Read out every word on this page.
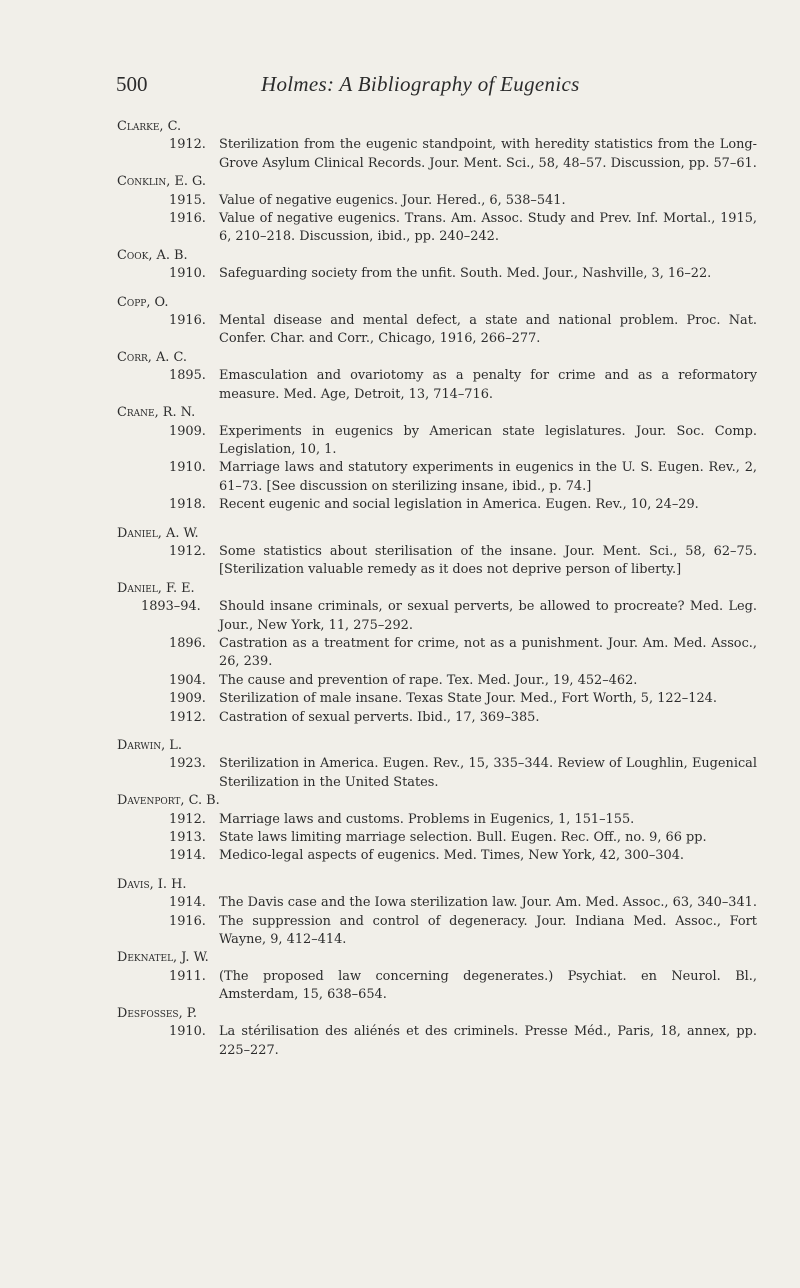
500	Holmes: A Bibliography of Eugenics
Clarke, C.
1912. Sterilization from the eugenic standpoint, with heredity statistics from the Long-Grove Asylum Clinical Records. Jour. Ment. Sci., 58, 48–57. Discussion, pp. 57–61.
Conklin, E. G.
1915. Value of negative eugenics. Jour. Hered., 6, 538–541.
1916. Value of negative eugenics. Trans. Am. Assoc. Study and Prev. Inf. Mortal., 1915, 6, 210–218. Discussion, ibid., pp. 240–242.
Cook, A. B.
1910. Safeguarding society from the unfit. South. Med. Jour., Nashville, 3, 16–22.
Copp, O.
1916. Mental disease and mental defect, a state and national problem. Proc. Nat. Confer. Char. and Corr., Chicago, 1916, 266–277.
Corr, A. C.
1895. Emasculation and ovariotomy as a penalty for crime and as a reformatory measure. Med. Age, Detroit, 13, 714–716.
Crane, R. N.
1909. Experiments in eugenics by American state legislatures. Jour. Soc. Comp. Legislation, 10, 1.
1910. Marriage laws and statutory experiments in eugenics in the U. S. Eugen. Rev., 2, 61–73. [See discussion on sterilizing insane, ibid., p. 74.]
1918. Recent eugenic and social legislation in America. Eugen. Rev., 10, 24–29.
Daniel, A. W.
1912. Some statistics about sterilisation of the insane. Jour. Ment. Sci., 58, 62–75. [Sterilization valuable remedy as it does not deprive person of liberty.]
Daniel, F. E.
1893–94. Should insane criminals, or sexual perverts, be allowed to procreate? Med. Leg. Jour., New York, 11, 275–292.
1896. Castration as a treatment for crime, not as a punishment. Jour. Am. Med. Assoc., 26, 239.
1904. The cause and prevention of rape. Tex. Med. Jour., 19, 452–462.
1909. Sterilization of male insane. Texas State Jour. Med., Fort Worth, 5, 122–124.
1912. Castration of sexual perverts. Ibid., 17, 369–385.
Darwin, L.
1923. Sterilization in America. Eugen. Rev., 15, 335–344. Review of Loughlin, Eugenical Sterilization in the United States.
Davenport, C. B.
1912. Marriage laws and customs. Problems in Eugenics, 1, 151–155.
1913. State laws limiting marriage selection. Bull. Eugen. Rec. Off., no. 9, 66 pp.
1914. Medico-legal aspects of eugenics. Med. Times, New York, 42, 300–304.
Davis, I. H.
1914. The Davis case and the Iowa sterilization law. Jour. Am. Med. Assoc., 63, 340–341.
1916. The suppression and control of degeneracy. Jour. Indiana Med. Assoc., Fort Wayne, 9, 412–414.
Deknatel, J. W.
1911. (The proposed law concerning degenerates.) Psychiat. en Neurol. Bl., Amsterdam, 15, 638–654.
Desfosses, P.
1910. La stérilisation des aliénés et des criminels. Presse Méd., Paris, 18, annex, pp. 225–227.
